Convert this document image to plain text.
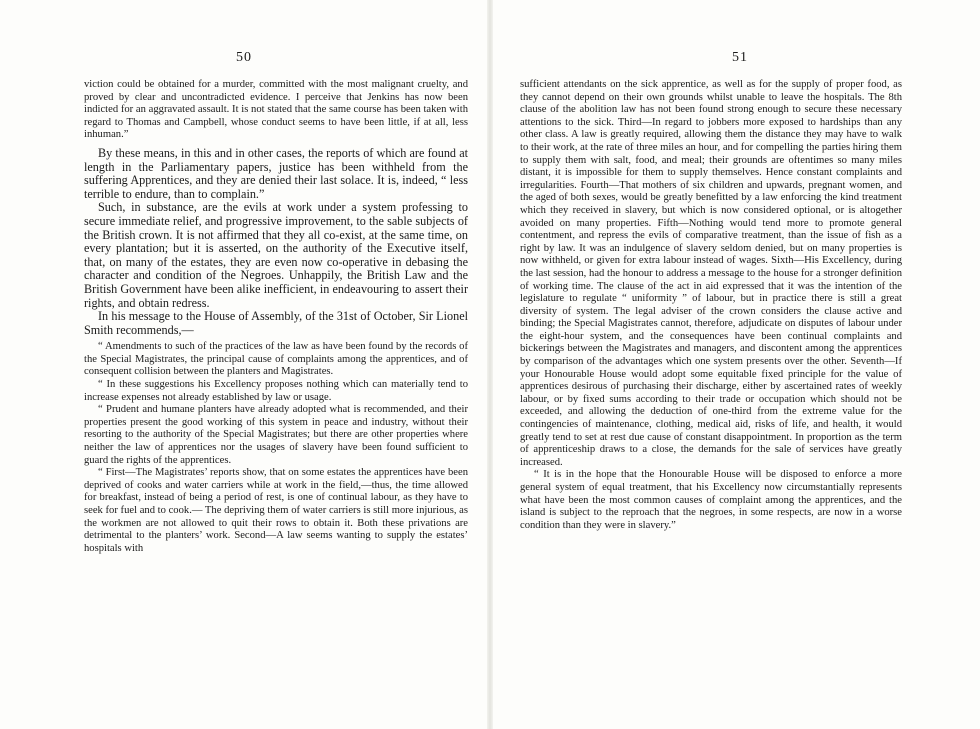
50

viction could be obtained for a murder, committed with the most malignant cruelty, and proved by clear and uncontradicted evidence. I perceive that Jenkins has now been indicted for an aggravated assault. It is not stated that the same course has been taken with regard to Thomas and Campbell, whose conduct seems to have been little, if at all, less inhuman.”

By these means, in this and in other cases, the reports of which are found at length in the Parliamentary papers, justice has been withheld from the suffering Apprentices, and they are denied their last solace. It is, indeed, “ less terrible to endure, than to complain.”

Such, in substance, are the evils at work under a system professing to secure immediate relief, and progressive improvement, to the sable subjects of the British crown. It is not affirmed that they all co-exist, at the same time, on every plantation; but it is asserted, on the authority of the Executive itself, that, on many of the estates, they are even now co-operative in debasing the character and condition of the Negroes. Unhappily, the British Law and the British Government have been alike inefficient, in endeavouring to assert their rights, and obtain redress.

In his message to the House of Assembly, of the 31st of October, Sir Lionel Smith recommends,—

“ Amendments to such of the practices of the law as have been found by the records of the Special Magistrates, the principal cause of complaints among the apprentices, and of consequent collision between the planters and Magistrates.

“ In these suggestions his Excellency proposes nothing which can materially tend to increase expenses not already established by law or usage.

“ Prudent and humane planters have already adopted what is recommended, and their properties present the good working of this system in peace and industry, without their resorting to the authority of the Special Magistrates; but there are other properties where neither the law of apprentices nor the usages of slavery have been found sufficient to guard the rights of the apprentices.

“ First—The Magistrates’ reports show, that on some estates the apprentices have been deprived of cooks and water carriers while at work in the field,—thus, the time allowed for breakfast, instead of being a period of rest, is one of continual labour, as they have to seek for fuel and to cook.— The depriving them of water carriers is still more injurious, as the workmen are not allowed to quit their rows to obtain it. Both these privations are detrimental to the planters’ work. Second—A law seems wanting to supply the estates’ hospitals with

51

sufficient attendants on the sick apprentice, as well as for the supply of proper food, as they cannot depend on their own grounds whilst unable to leave the hospitals. The 8th clause of the abolition law has not been found strong enough to secure these necessary attentions to the sick. Third—In regard to jobbers more exposed to hardships than any other class. A law is greatly required, allowing them the distance they may have to walk to their work, at the rate of three miles an hour, and for compelling the parties hiring them to supply them with salt, food, and meal; their grounds are oftentimes so many miles distant, it is impossible for them to supply themselves. Hence constant complaints and irregularities. Fourth—That mothers of six children and upwards, pregnant women, and the aged of both sexes, would be greatly benefitted by a law enforcing the kind treatment which they received in slavery, but which is now considered optional, or is altogether avoided on many properties. Fifth—Nothing would tend more to promote general contentment, and repress the evils of comparative treatment, than the issue of fish as a right by law. It was an indulgence of slavery seldom denied, but on many properties is now withheld, or given for extra labour instead of wages. Sixth—His Excellency, during the last session, had the honour to address a message to the house for a stronger definition of working time. The clause of the act in aid expressed that it was the intention of the legislature to regulate “ uniformity ” of labour, but in practice there is still a great diversity of system. The legal adviser of the crown considers the clause active and binding; the Special Magistrates cannot, therefore, adjudicate on disputes of labour under the eight-hour system, and the consequences have been continual complaints and bickerings between the Magistrates and managers, and discontent among the apprentices by comparison of the advantages which one system presents over the other. Seventh—If your Honourable House would adopt some equitable fixed principle for the value of apprentices desirous of purchasing their discharge, either by ascertained rates of weekly labour, or by fixed sums according to their trade or occupation which should not be exceeded, and allowing the deduction of one-third from the extreme value for the contingencies of maintenance, clothing, medical aid, risks of life, and health, it would greatly tend to set at rest due cause of constant disappointment. In proportion as the term of apprenticeship draws to a close, the demands for the sale of services have greatly increased.

“ It is in the hope that the Honourable House will be disposed to enforce a more general system of equal treatment, that his Excellency now circumstantially represents what have been the most common causes of complaint among the apprentices, and the island is subject to the reproach that the negroes, in some respects, are now in a worse condition than they were in slavery.”
